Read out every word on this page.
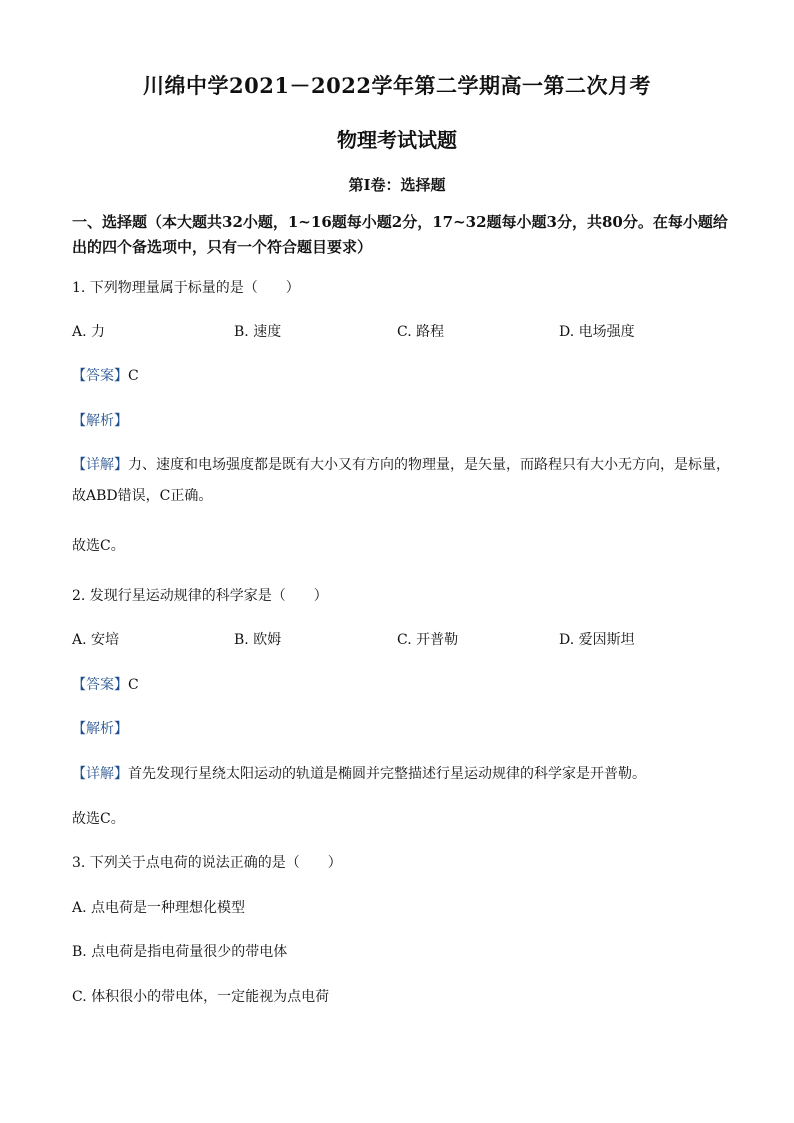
川绵中学2021－2022学年第二学期高一第二次月考
物理考试试题
第Ⅰ卷：选择题
一、选择题（本大题共32小题，1~16题每小题2分，17~32题每小题3分，共80分。在每小题给出的四个备选项中，只有一个符合题目要求）
1. 下列物理量属于标量的是（　　）
A. 力	B. 速度	C. 路程	D. 电场强度
【答案】C
【解析】
【详解】力、速度和电场强度都是既有大小又有方向的物理量，是矢量，而路程只有大小无方向，是标量，
故ABD错误，C正确。
故选C。
2. 发现行星运动规律的科学家是（　　）
A. 安培	B. 欧姆	C. 开普勒	D. 爱因斯坦
【答案】C
【解析】
【详解】首先发现行星绕太阳运动的轨道是椭圆并完整描述行星运动规律的科学家是开普勒。
故选C。
3. 下列关于点电荷的说法正确的是（　　）
A. 点电荷是一种理想化模型
B. 点电荷是指电荷量很少的带电体
C. 体积很小的带电体，一定能视为点电荷
